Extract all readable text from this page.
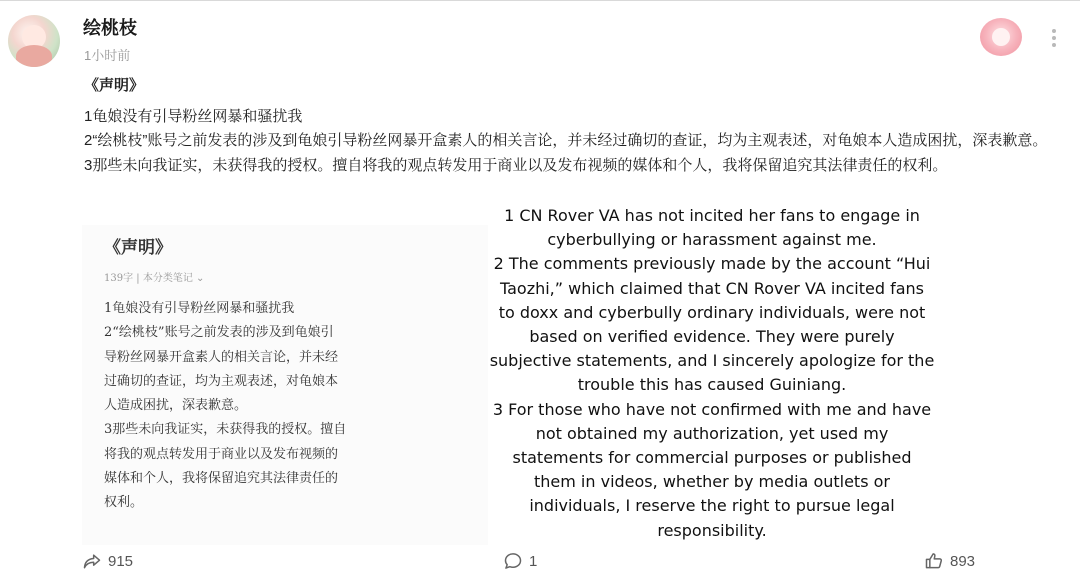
绘桃枝
1小时前

《声明》

1龟娘没有引导粉丝网暴和骚扰我

2“绘桃枝”账号之前发表的涉及到龟娘引导粉丝网暴开盒素人的相关言论，并未经过确切的查证，均为主观表述，对龟娘本人造成困扰，深表歉意。

3那些未向我证实，未获得我的授权。擅自将我的观点转发用于商业以及发布视频的媒体和个人，我将保留追究其法律责任的权利。

《声明》
139字 | 本分类笔记 ⌄

1龟娘没有引导粉丝网暴和骚扰我

2“绘桃枝”账号之前发表的涉及到龟娘引

导粉丝网暴开盒素人的相关言论，并未经

过确切的查证，均为主观表述，对龟娘本

人造成困扰，深表歉意。

3那些未向我证实，未获得我的授权。擅自

将我的观点转发用于商业以及发布视频的

媒体和个人，我将保留追究其法律责任的

权利。

1 CN Rover VA has not incited her fans to engage in

cyberbullying or harassment against me.

2 The comments previously made by the account “Hui

Taozhi,” which claimed that CN Rover VA incited fans

to doxx and cyberbully ordinary individuals, were not

based on verified evidence. They were purely

subjective statements, and I sincerely apologize for the

trouble this has caused Guiniang.

3 For those who have not confirmed with me and have

not obtained my authorization, yet used my

statements for commercial purposes or published

them in videos, whether by media outlets or

individuals, I reserve the right to pursue legal

responsibility.

915	1	893
